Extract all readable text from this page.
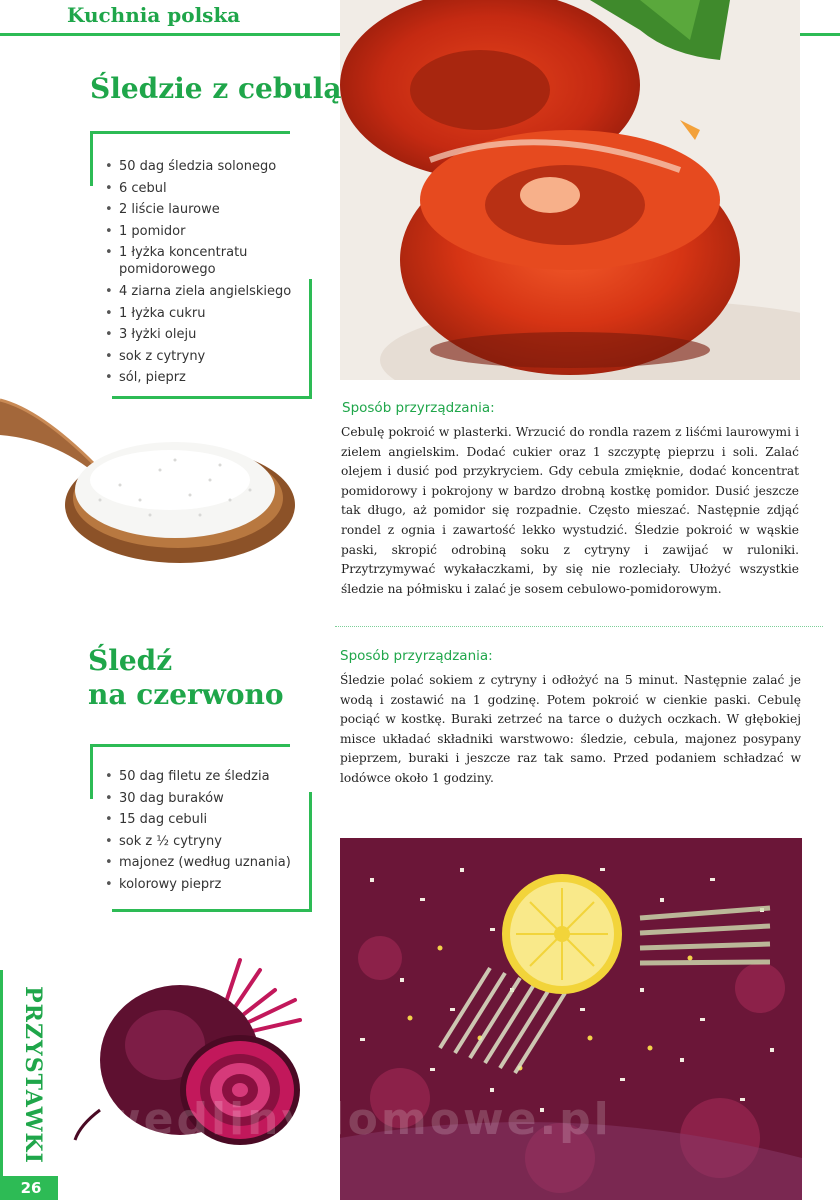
Kuchnia polska
Śledzie z cebulą
• 50 dag śledzia solonego
• 6 cebul
• 2 liście laurowe
• 1 pomidor
• 1 łyżka koncentratu pomidorowego
• 4 ziarna ziela angielskiego
• 1 łyżka cukru
• 3 łyżki oleju
• sok z cytryny
• sól, pieprz
Sposób przyrządzania:

Cebulę pokroić w plasterki. Wrzucić do rondla razem z liśćmi laurowymi i zielem angielskim. Dodać cukier oraz 1 szczyptę pieprzu i soli. Zalać olejem i dusić pod przykryciem. Gdy cebula zmięknie, dodać koncentrat pomidorowy i pokrojony w bardzo drobną kostkę pomidor. Dusić jeszcze tak długo, aż pomidor się rozpadnie. Często mieszać. Następnie zdjąć rondel z ognia i zawartość lekko wystudzić. Śledzie pokroić w wąskie paski, skropić odrobiną soku z cytryny i zawijać w ruloniki. Przytrzymywać wykałaczkami, by się nie rozleciały. Ułożyć wszystkie śledzie na półmisku i zalać je sosem cebulowo-pomidorowym.

Śledź
na czerwono
Sposób przyrządzania:

Śledzie polać sokiem z cytryny i odłożyć na 5 minut. Następnie zalać je wodą i zostawić na 1 godzinę. Potem pokroić w cienkie paski. Cebulę pociąć w kostkę. Buraki zetrzeć na tarce o dużych oczkach. W głębokiej misce układać składniki warstwowo: śledzie, cebula, majonez posypany pieprzem, buraki i jeszcze raz tak samo. Przed podaniem schładzać w lodówce około 1 godziny.

• 50 dag filetu ze śledzia
• 30 dag buraków
• 15 dag cebuli
• sok z ½ cytryny
• majonez (według uznania)
• kolorowy pieprz
PRZYSTAWKI
26
wedlinydomowe.pl
